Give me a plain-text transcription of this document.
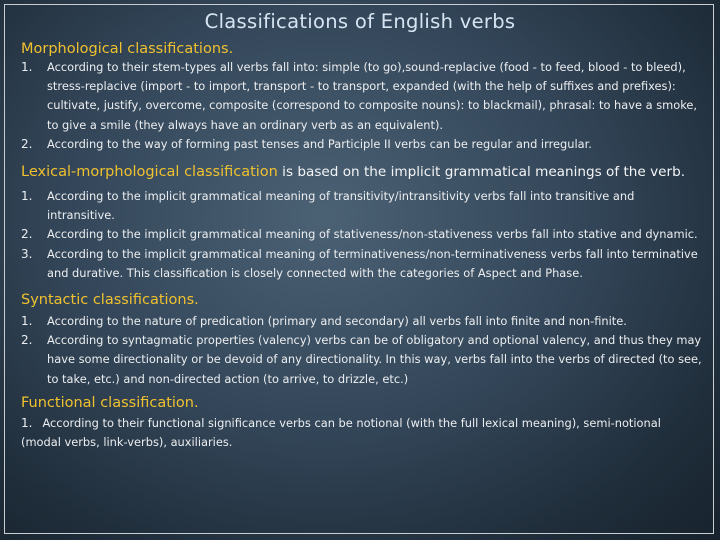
Classifications of English verbs

Morphological classifications.

1. According to their stem-types all verbs fall into: simple (to go),sound-replacive (food - to feed, blood - to bleed), stress-replacive (import - to import, transport - to transport, expanded (with the help of suffixes and prefixes): cultivate, justify, overcome, composite (correspond to composite nouns): to blackmail), phrasal: to have a smoke, to give a smile (they always have an ordinary verb as an equivalent).
2. According to the way of forming past tenses and Participle II verbs can be regular and irregular.

Lexical-morphological classification is based on the implicit grammatical meanings of the verb.

1. According to the implicit grammatical meaning of transitivity/intransitivity verbs fall into transitive and intransitive.
2. According to the implicit grammatical meaning of stativeness/non-stativeness verbs fall into stative and dynamic.
3. According to the implicit grammatical meaning of terminativeness/non-terminativeness verbs fall into terminative and durative. This classification is closely connected with the categories of Aspect and Phase.

Syntactic classifications.

1. According to the nature of predication (primary and secondary) all verbs fall into finite and non-finite.
2. According to syntagmatic properties (valency) verbs can be of obligatory and optional valency, and thus they may have some directionality or be devoid of any directionality. In this way, verbs fall into the verbs of directed (to see, to take, etc.) and non-directed action (to arrive, to drizzle, etc.)

Functional classification.

1. According to their functional significance verbs can be notional (with the full lexical meaning), semi-notional (modal verbs, link-verbs), auxiliaries.
